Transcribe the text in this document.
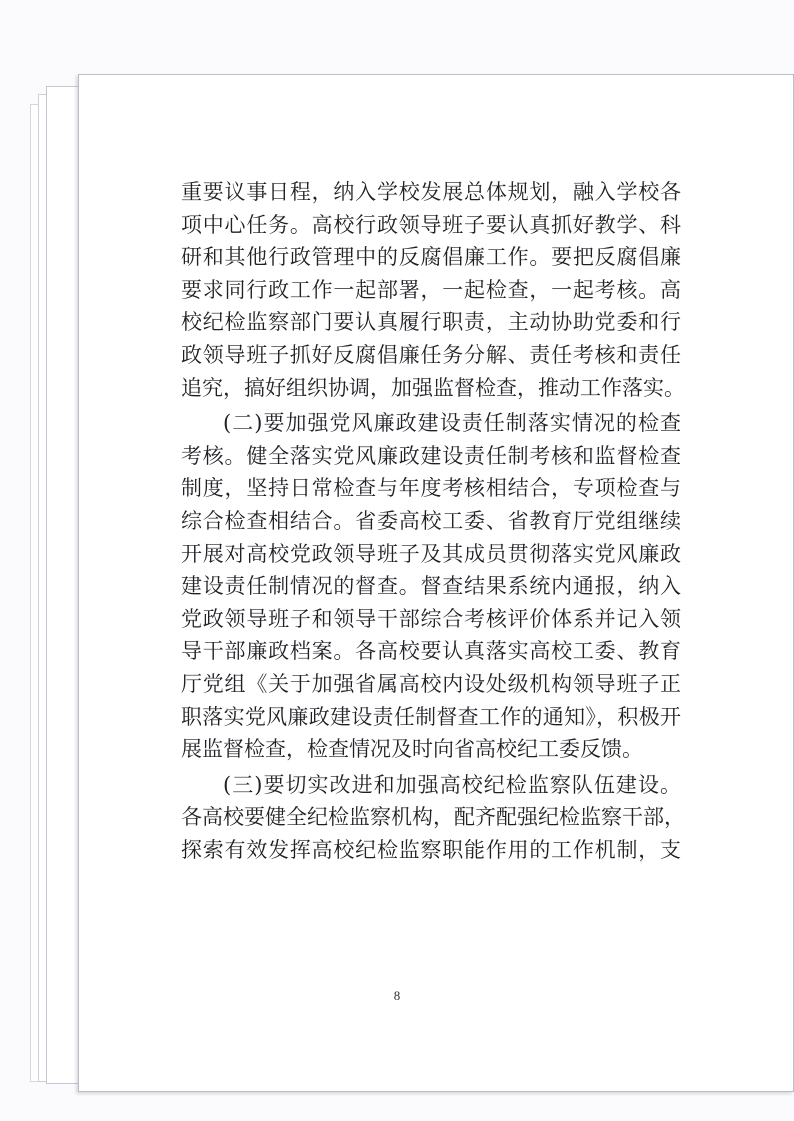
重要议事日程，纳入学校发展总体规划，融入学校各
项中心任务。高校行政领导班子要认真抓好教学、科
研和其他行政管理中的反腐倡廉工作。要把反腐倡廉
要求同行政工作一起部署，一起检查，一起考核。高
校纪检监察部门要认真履行职责，主动协助党委和行
政领导班子抓好反腐倡廉任务分解、责任考核和责任
追究，搞好组织协调，加强监督检查，推动工作落实。
(二)要加强党风廉政建设责任制落实情况的检查
考核。健全落实党风廉政建设责任制考核和监督检查
制度，坚持日常检查与年度考核相结合，专项检查与
综合检查相结合。省委高校工委、省教育厅党组继续
开展对高校党政领导班子及其成员贯彻落实党风廉政
建设责任制情况的督查。督查结果系统内通报，纳入
党政领导班子和领导干部综合考核评价体系并记入领
导干部廉政档案。各高校要认真落实高校工委、教育
厅党组《关于加强省属高校内设处级机构领导班子正
职落实党风廉政建设责任制督查工作的通知》，积极开
展监督检查，检查情况及时向省高校纪工委反馈。
(三)要切实改进和加强高校纪检监察队伍建设。
各高校要健全纪检监察机构，配齐配强纪检监察干部，
探索有效发挥高校纪检监察职能作用的工作机制，支
8
